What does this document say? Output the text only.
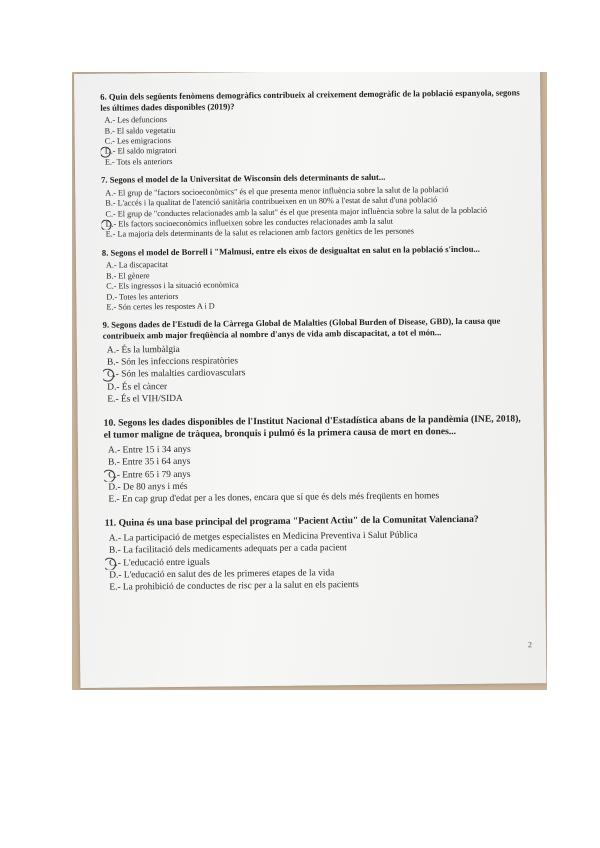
6. Quin dels següents fenòmens demogràfics contribueix al creixement demogràfic de la població espanyola, segons les últimes dades disponibles (2019)?
A.- Les defuncions
B.- El saldo vegetatiu
C.- Les emigracions
D.- El saldo migratori
E.- Tots els anteriors
7. Segons el model de la Universitat de Wisconsin dels determinants de salut...
A.- El grup de "factors socioeconòmics" és el que presenta menor influència sobre la salut de la població
B.- L'accés i la qualitat de l'atenció sanitària contribueixen en un 80% a l'estat de salut d'una població
C.- El grup de "conductes relacionades amb la salut" és el que presenta major influència sobre la salut de la població
D.- Els factors socioeconòmics influeixen sobre les conductes relacionades amb la salut
E.- La majoria dels determinants de la salut es relacionen amb factors genètics de les persones
8. Segons el model de Borrell i "Malmusi, entre els eixos de desigualtat en salut en la població s'inclou...
A.- La discapacitat
B.- El gènere
C.- Els ingressos i la situació econòmica
D.- Totes les anteriors
E.- Són certes les respostes A i D
9. Segons dades de l'Estudi de la Càrrega Global de Malalties (Global Burden of Disease, GBD), la causa que contribueix amb major freqüència al nombre d'anys de vida amb discapacitat, a tot el món...
A.- És la lumbàlgia
B.- Són les infeccions respiratòries
C.- Són les malalties cardiovasculars
D.- És el càncer
E.- És el VIH/SIDA
10. Segons les dades disponibles de l'Institut Nacional d'Estadística abans de la pandèmia (INE, 2018), el tumor maligne de tràquea, bronquis i pulmó és la primera causa de mort en dones...
A.- Entre 15 i 34 anys
B.- Entre 35 i 64 anys
C.- Entre 65 i 79 anys
D.- De 80 anys i més
E.- En cap grup d'edat per a les dones, encara que sí que és dels més freqüents en homes
11. Quina és una base principal del programa "Pacient Actiu" de la Comunitat Valenciana?
A.- La participació de metges especialistes en Medicina Preventiva i Salut Pública
B.- La facilitació dels medicaments adequats per a cada pacient
C.- L'educació entre iguals
D.- L'educació en salut des de les primeres etapes de la vida
E.- La prohibició de conductes de risc per a la salut en els pacients
2
